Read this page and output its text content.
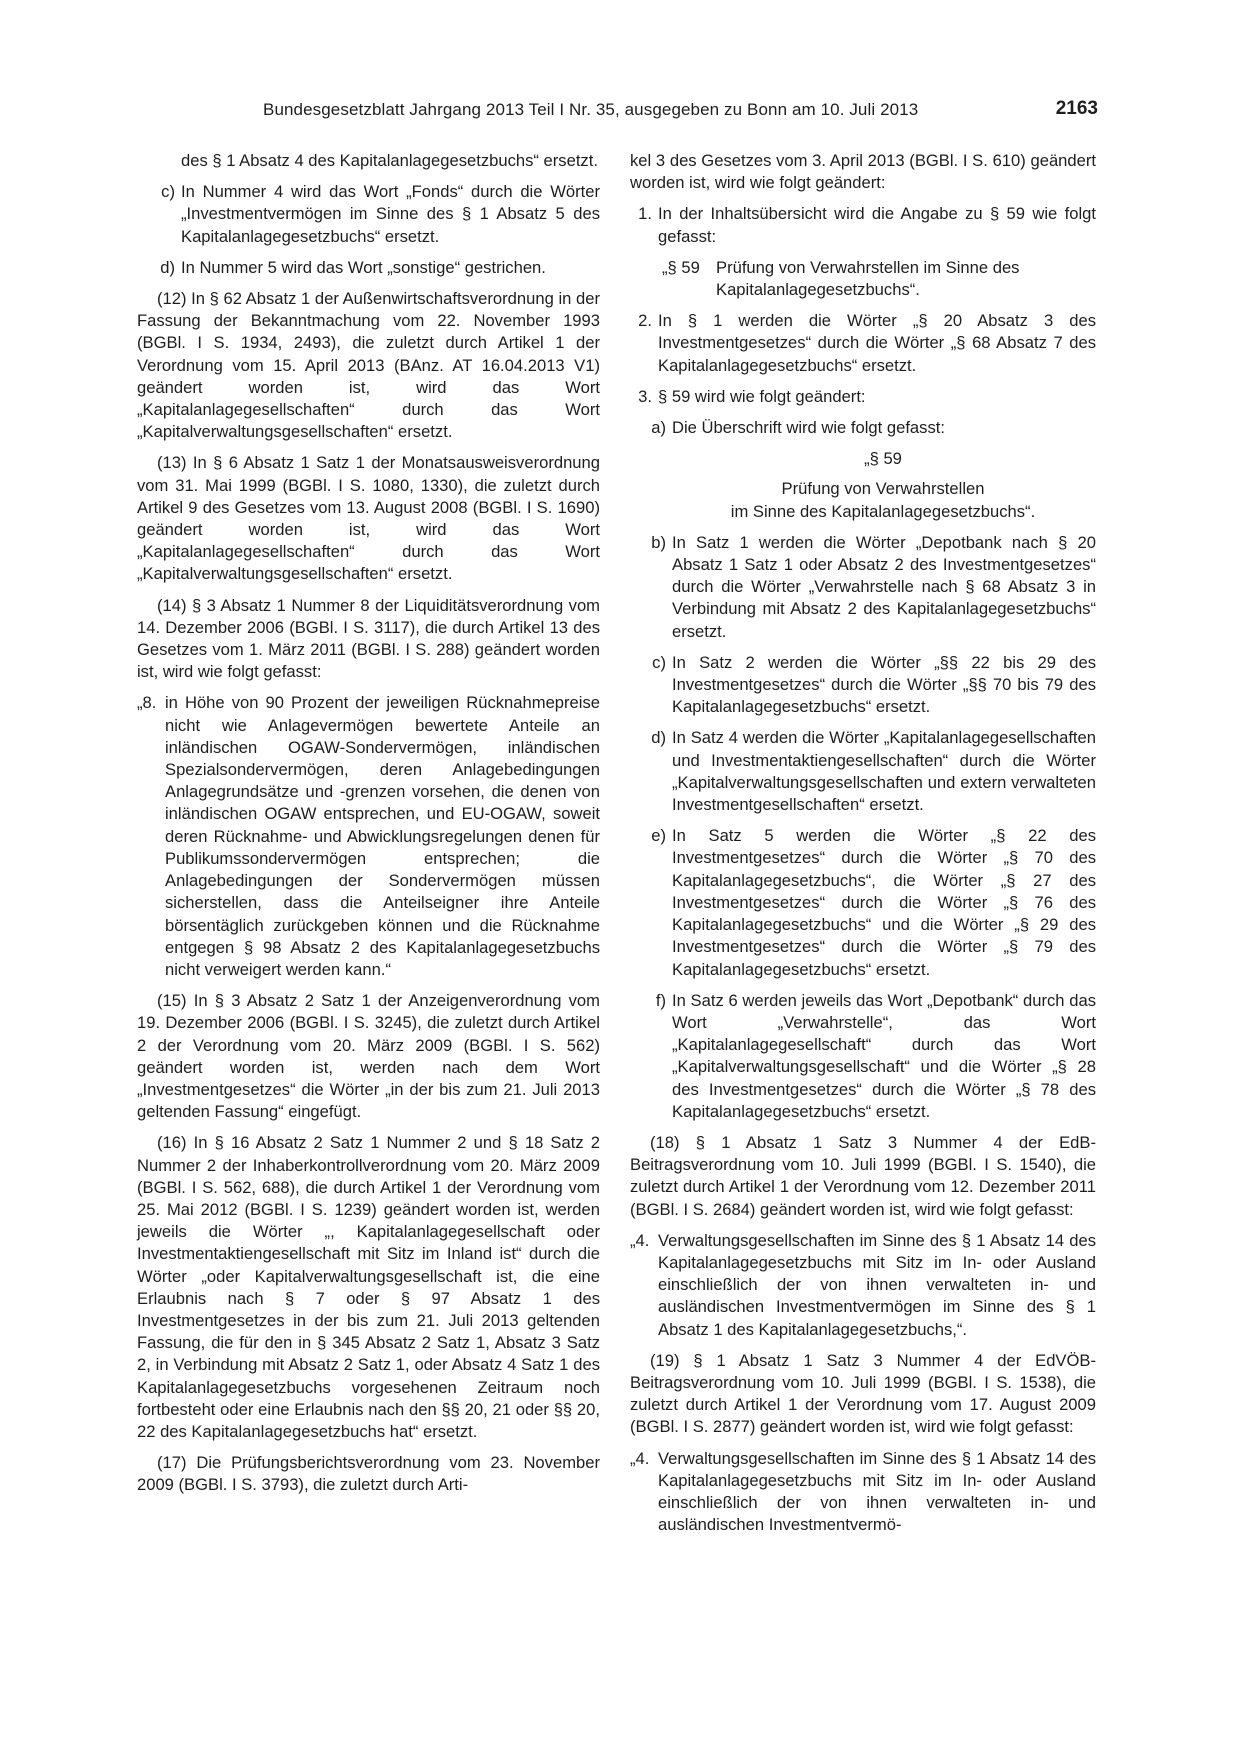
Bundesgesetzblatt Jahrgang 2013 Teil I Nr. 35, ausgegeben zu Bonn am 10. Juli 2013	2163

des § 1 Absatz 4 des Kapitalanlagegesetzbuchs“ ersetzt.

c) In Nummer 4 wird das Wort „Fonds“ durch die Wörter „Investmentvermögen im Sinne des § 1 Absatz 5 des Kapitalanlagegesetzbuchs“ ersetzt.
d) In Nummer 5 wird das Wort „sonstige“ gestrichen.

(12) In § 62 Absatz 1 der Außenwirtschaftsverordnung in der Fassung der Bekanntmachung vom 22. November 1993 (BGBl. I S. 1934, 2493), die zuletzt durch Artikel 1 der Verordnung vom 15. April 2013 (BAnz. AT 16.04.2013 V1) geändert worden ist, wird das Wort „Kapitalanlagegesellschaften“ durch das Wort „Kapitalverwaltungsgesellschaften“ ersetzt.

(13) In § 6 Absatz 1 Satz 1 der Monatsausweisverordnung vom 31. Mai 1999 (BGBl. I S. 1080, 1330), die zuletzt durch Artikel 9 des Gesetzes vom 13. August 2008 (BGBl. I S. 1690) geändert worden ist, wird das Wort „Kapitalanlagegesellschaften“ durch das Wort „Kapitalverwaltungsgesellschaften“ ersetzt.

(14) § 3 Absatz 1 Nummer 8 der Liquiditätsverordnung vom 14. Dezember 2006 (BGBl. I S. 3117), die durch Artikel 13 des Gesetzes vom 1. März 2011 (BGBl. I S. 288) geändert worden ist, wird wie folgt gefasst:

„8. in Höhe von 90 Prozent der jeweiligen Rücknahmepreise nicht wie Anlagevermögen bewertete Anteile an inländischen OGAW-Sondervermögen, inländischen Spezialsondervermögen, deren Anlagebedingungen Anlagegrundsätze und -grenzen vorsehen, die denen von inländischen OGAW entsprechen, und EU-OGAW, soweit deren Rücknahme- und Abwicklungsregelungen denen für Publikumssondervermögen entsprechen; die Anlagebedingungen der Sondervermögen müssen sicherstellen, dass die Anteilseigner ihre Anteile börsentäglich zurückgeben können und die Rücknahme entgegen § 98 Absatz 2 des Kapitalanlagegesetzbuchs nicht verweigert werden kann.“

(15) In § 3 Absatz 2 Satz 1 der Anzeigenverordnung vom 19. Dezember 2006 (BGBl. I S. 3245), die zuletzt durch Artikel 2 der Verordnung vom 20. März 2009 (BGBl. I S. 562) geändert worden ist, werden nach dem Wort „Investmentgesetzes“ die Wörter „in der bis zum 21. Juli 2013 geltenden Fassung“ eingefügt.

(16) In § 16 Absatz 2 Satz 1 Nummer 2 und § 18 Satz 2 Nummer 2 der Inhaberkontrollverordnung vom 20. März 2009 (BGBl. I S. 562, 688), die durch Artikel 1 der Verordnung vom 25. Mai 2012 (BGBl. I S. 1239) geändert worden ist, werden jeweils die Wörter „, Kapitalanlagegesellschaft oder Investmentaktiengesellschaft mit Sitz im Inland ist“ durch die Wörter „oder Kapitalverwaltungsgesellschaft ist, die eine Erlaubnis nach § 7 oder § 97 Absatz 1 des Investmentgesetzes in der bis zum 21. Juli 2013 geltenden Fassung, die für den in § 345 Absatz 2 Satz 1, Absatz 3 Satz 2, in Verbindung mit Absatz 2 Satz 1, oder Absatz 4 Satz 1 des Kapitalanlagegesetzbuchs vorgesehenen Zeitraum noch fortbesteht oder eine Erlaubnis nach den §§ 20, 21 oder §§ 20, 22 des Kapitalanlagegesetzbuchs hat“ ersetzt.

(17) Die Prüfungsberichtsverordnung vom 23. November 2009 (BGBl. I S. 3793), die zuletzt durch Arti-

kel 3 des Gesetzes vom 3. April 2013 (BGBl. I S. 610) geändert worden ist, wird wie folgt geändert:

1. In der Inhaltsübersicht wird die Angabe zu § 59 wie folgt gefasst:
„§ 59 Prüfung von Verwahrstellen im Sinne des Kapitalanlagegesetzbuchs“.
2. In § 1 werden die Wörter „§ 20 Absatz 3 des Investmentgesetzes“ durch die Wörter „§ 68 Absatz 7 des Kapitalanlagegesetzbuchs“ ersetzt.
3. § 59 wird wie folgt geändert:
a) Die Überschrift wird wie folgt gefasst:

„§ 59

Prüfung von Verwahrstellen

im Sinne des Kapitalanlagegesetzbuchs“.

b) In Satz 1 werden die Wörter „Depotbank nach § 20 Absatz 1 Satz 1 oder Absatz 2 des Investmentgesetzes“ durch die Wörter „Verwahrstelle nach § 68 Absatz 3 in Verbindung mit Absatz 2 des Kapitalanlagegesetzbuchs“ ersetzt.
c) In Satz 2 werden die Wörter „§§ 22 bis 29 des Investmentgesetzes“ durch die Wörter „§§ 70 bis 79 des Kapitalanlagegesetzbuchs“ ersetzt.
d) In Satz 4 werden die Wörter „Kapitalanlagegesellschaften und Investmentaktiengesellschaften“ durch die Wörter „Kapitalverwaltungsgesellschaften und extern verwalteten Investmentgesellschaften“ ersetzt.
e) In Satz 5 werden die Wörter „§ 22 des Investmentgesetzes“ durch die Wörter „§ 70 des Kapitalanlagegesetzbuchs“, die Wörter „§ 27 des Investmentgesetzes“ durch die Wörter „§ 76 des Kapitalanlagegesetzbuchs“ und die Wörter „§ 29 des Investmentgesetzes“ durch die Wörter „§ 79 des Kapitalanlagegesetzbuchs“ ersetzt.
f) In Satz 6 werden jeweils das Wort „Depotbank“ durch das Wort „Verwahrstelle“, das Wort „Kapitalanlagegesellschaft“ durch das Wort „Kapitalverwaltungsgesellschaft“ und die Wörter „§ 28 des Investmentgesetzes“ durch die Wörter „§ 78 des Kapitalanlagegesetzbuchs“ ersetzt.

(18) § 1 Absatz 1 Satz 3 Nummer 4 der EdB-Beitragsverordnung vom 10. Juli 1999 (BGBl. I S. 1540), die zuletzt durch Artikel 1 der Verordnung vom 12. Dezember 2011 (BGBl. I S. 2684) geändert worden ist, wird wie folgt gefasst:

„4. Verwaltungsgesellschaften im Sinne des § 1 Absatz 14 des Kapitalanlagegesetzbuchs mit Sitz im In- oder Ausland einschließlich der von ihnen verwalteten in- und ausländischen Investmentvermögen im Sinne des § 1 Absatz 1 des Kapitalanlagegesetzbuchs,“.

(19) § 1 Absatz 1 Satz 3 Nummer 4 der EdVÖB-Beitragsverordnung vom 10. Juli 1999 (BGBl. I S. 1538), die zuletzt durch Artikel 1 der Verordnung vom 17. August 2009 (BGBl. I S. 2877) geändert worden ist, wird wie folgt gefasst:

„4. Verwaltungsgesellschaften im Sinne des § 1 Absatz 14 des Kapitalanlagegesetzbuchs mit Sitz im In- oder Ausland einschließlich der von ihnen verwalteten in- und ausländischen Investmentvermö-
